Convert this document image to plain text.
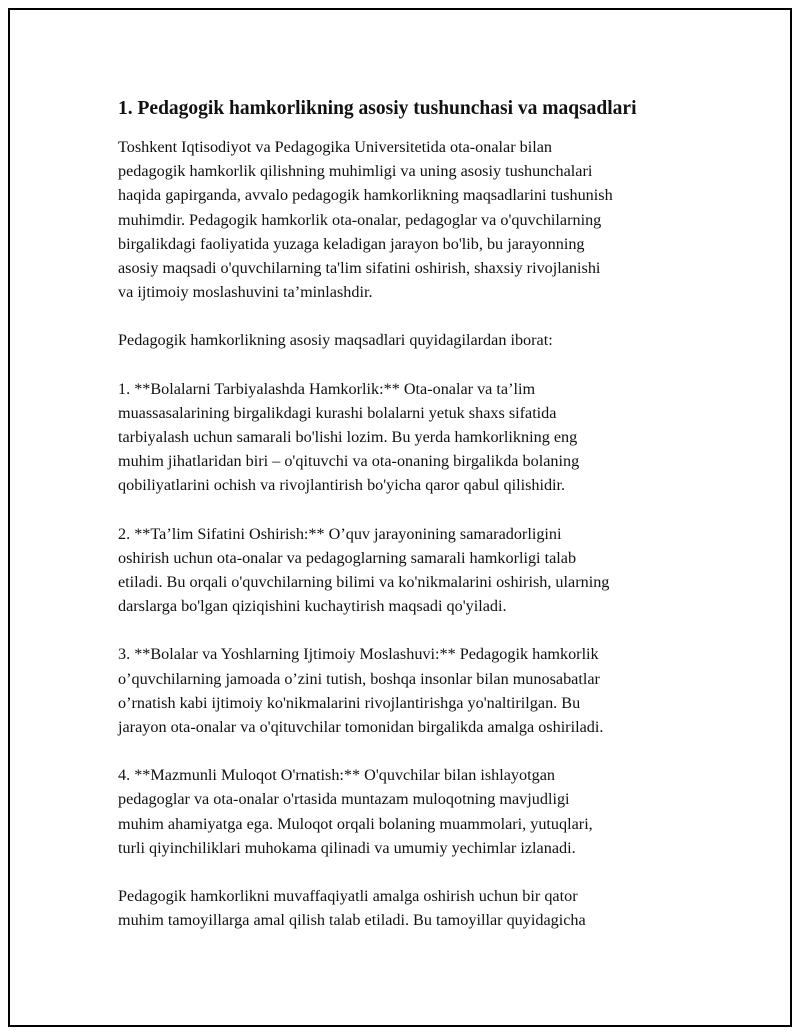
1. Pedagogik hamkorlikning asosiy tushunchasi va maqsadlari

Toshkent Iqtisodiyot va Pedagogika Universitetida ota-onalar bilan
pedagogik hamkorlik qilishning muhimligi va uning asosiy tushunchalari
haqida gapirganda, avvalo pedagogik hamkorlikning maqsadlarini tushunish
muhimdir. Pedagogik hamkorlik ota-onalar, pedagoglar va o'quvchilarning
birgalikdagi faoliyatida yuzaga keladigan jarayon bo'lib, bu jarayonning
asosiy maqsadi o'quvchilarning ta'lim sifatini oshirish, shaxsiy rivojlanishi
va ijtimoiy moslashuvini ta’minlashdir.

Pedagogik hamkorlikning asosiy maqsadlari quyidagilardan iborat:

1. **Bolalarni Tarbiyalashda Hamkorlik:** Ota-onalar va ta’lim
muassasalarining birgalikdagi kurashi bolalarni yetuk shaxs sifatida
tarbiyalash uchun samarali bo'lishi lozim. Bu yerda hamkorlikning eng
muhim jihatlaridan biri – o'qituvchi va ota-onaning birgalikda bolaning
qobiliyatlarini ochish va rivojlantirish bo'yicha qaror qabul qilishidir.

2. **Ta’lim Sifatini Oshirish:** O’quv jarayonining samaradorligini
oshirish uchun ota-onalar va pedagoglarning samarali hamkorligi talab
etiladi. Bu orqali o'quvchilarning bilimi va ko'nikmalarini oshirish, ularning
darslarga bo'lgan qiziqishini kuchaytirish maqsadi qo'yiladi.

3. **Bolalar va Yoshlarning Ijtimoiy Moslashuvi:** Pedagogik hamkorlik
o’quvchilarning jamoada o’zini tutish, boshqa insonlar bilan munosabatlar
o’rnatish kabi ijtimoiy ko'nikmalarini rivojlantirishga yo'naltirilgan. Bu
jarayon ota-onalar va o'qituvchilar tomonidan birgalikda amalga oshiriladi.

4. **Mazmunli Muloqot O'rnatish:** O'quvchilar bilan ishlayotgan
pedagoglar va ota-onalar o'rtasida muntazam muloqotning mavjudligi
muhim ahamiyatga ega. Muloqot orqali bolaning muammolari, yutuqlari,
turli qiyinchiliklari muhokama qilinadi va umumiy yechimlar izlanadi.

Pedagogik hamkorlikni muvaffaqiyatli amalga oshirish uchun bir qator
muhim tamoyillarga amal qilish talab etiladi. Bu tamoyillar quyidagicha
